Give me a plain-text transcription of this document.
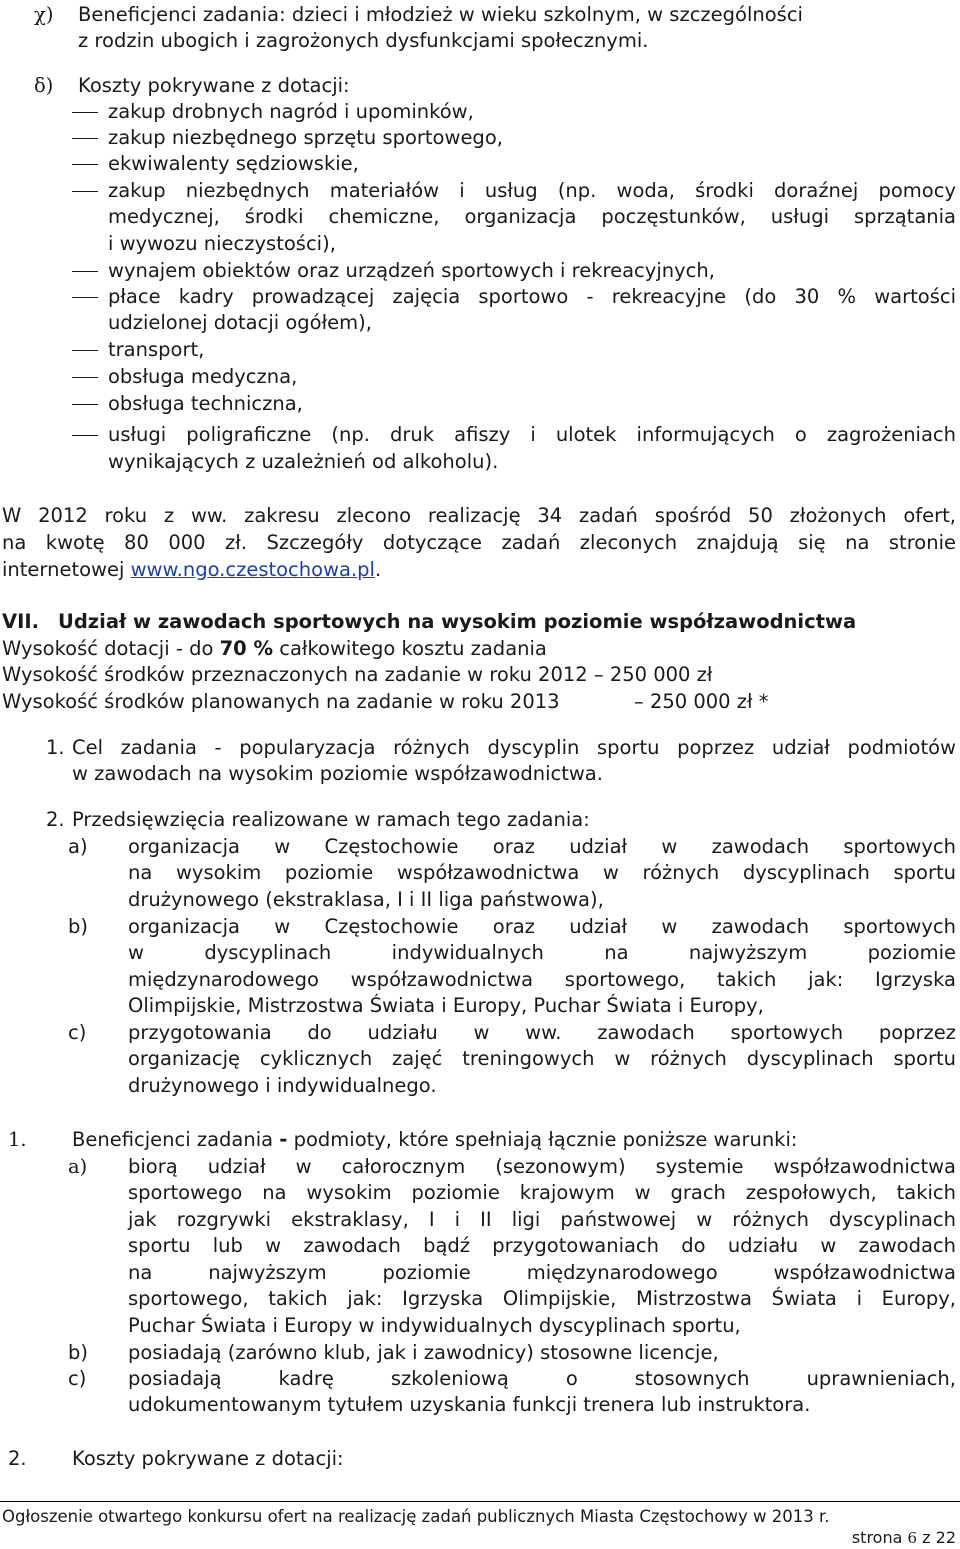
χ) Beneficjenci zadania: dzieci i młodzież w wieku szkolnym, w szczególności
z rodzin ubogich i zagrożonych dysfunkcjami społecznymi.
δ) Koszty pokrywane z dotacji:
zakup drobnych nagród i upominków,
zakup niezbędnego sprzętu sportowego,
ekwiwalenty sędziowskie,
zakup niezbędnych materiałów i usług (np. woda, środki doraźnej pomocy
medycznej, środki chemiczne, organizacja poczęstunków, usługi sprzątania
i wywozu nieczystości),
wynajem obiektów oraz urządzeń sportowych i rekreacyjnych,
płace kadry prowadzącej zajęcia sportowo - rekreacyjne (do 30 % wartości
udzielonej dotacji ogółem),
transport,
obsługa medyczna,
obsługa techniczna,
usługi poligraficzne (np. druk afiszy i ulotek informujących o zagrożeniach
wynikających z uzależnień od alkoholu).
W 2012 roku z ww. zakresu zlecono realizację 34 zadań spośród 50 złożonych ofert,
na kwotę 80 000 zł. Szczegóły dotyczące zadań zleconych znajdują się na stronie
internetowej www.ngo.czestochowa.pl.
VII. Udział w zawodach sportowych na wysokim poziomie współzawodnictwa
Wysokość dotacji - do 70 % całkowitego kosztu zadania
Wysokość środków przeznaczonych na zadanie w roku 2012 – 250 000 zł
Wysokość środków planowanych na zadanie w roku 2013	– 250 000 zł *
1. Cel zadania - popularyzacja różnych dyscyplin sportu poprzez udział podmiotów
w zawodach na wysokim poziomie współzawodnictwa.
2. Przedsięwzięcia realizowane w ramach tego zadania:
a) organizacja w Częstochowie oraz udział w zawodach sportowych
na wysokim poziomie współzawodnictwa w różnych dyscyplinach sportu
drużynowego (ekstraklasa, I i II liga państwowa),
b) organizacja w Częstochowie oraz udział w zawodach sportowych
w dyscyplinach indywidualnych na najwyższym poziomie
międzynarodowego współzawodnictwa sportowego, takich jak: Igrzyska
Olimpijskie, Mistrzostwa Świata i Europy, Puchar Świata i Europy,
c) przygotowania do udziału w ww. zawodach sportowych poprzez
organizację cyklicznych zajęć treningowych w różnych dyscyplinach sportu
drużynowego i indywidualnego.
1. Beneficjenci zadania - podmioty, które spełniają łącznie poniższe warunki:
a) biorą udział w całorocznym (sezonowym) systemie współzawodnictwa
sportowego na wysokim poziomie krajowym w grach zespołowych, takich
jak rozgrywki ekstraklasy, I i II ligi państwowej w różnych dyscyplinach
sportu lub w zawodach bądź przygotowaniach do udziału w zawodach
na najwyższym poziomie międzynarodowego współzawodnictwa
sportowego, takich jak: Igrzyska Olimpijskie, Mistrzostwa Świata i Europy,
Puchar Świata i Europy w indywidualnych dyscyplinach sportu,
b) posiadają (zarówno klub, jak i zawodnicy) stosowne licencje,
c) posiadają kadrę szkoleniową o stosownych uprawnieniach,
udokumentowanym tytułem uzyskania funkcji trenera lub instruktora.
2. Koszty pokrywane z dotacji:
Ogłoszenie otwartego konkursu ofert na realizację zadań publicznych Miasta Częstochowy w 2013 r.
strona 6 z 22
